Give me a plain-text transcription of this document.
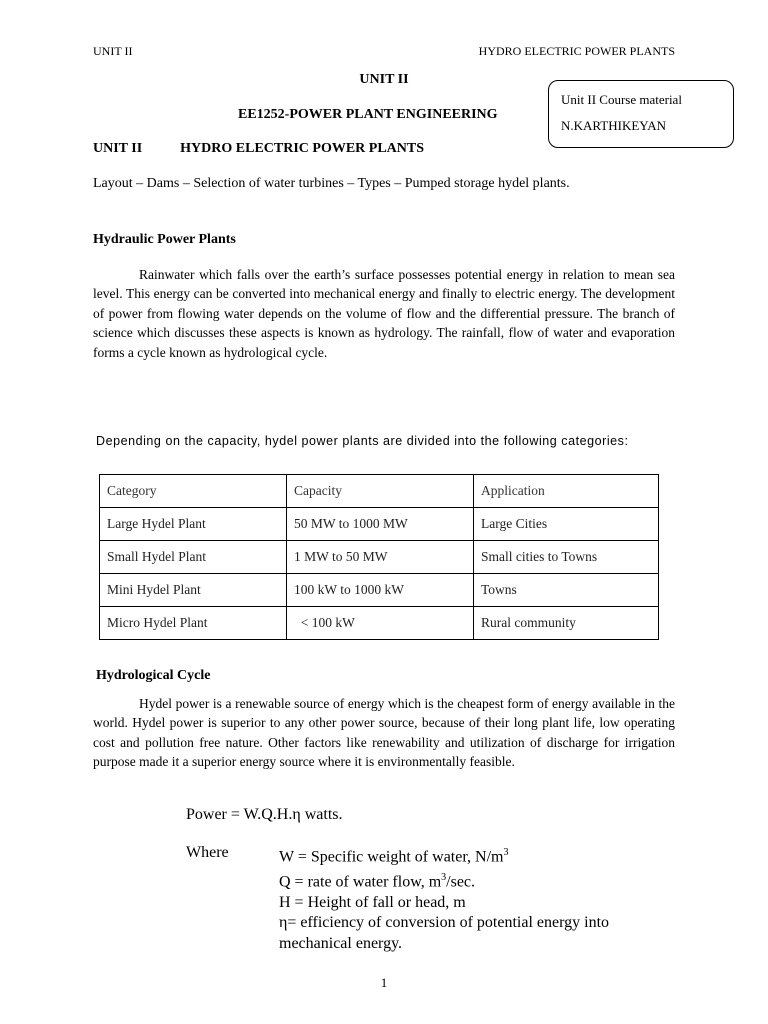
UNIT II	HYDRO ELECTRIC POWER PLANTS
UNIT II
EE1252-POWER PLANT ENGINEERING
Unit II Course material
N.KARTHIKEYAN
UNIT II	HYDRO ELECTRIC POWER PLANTS
Layout – Dams – Selection of water turbines – Types – Pumped storage hydel plants.
Hydraulic Power Plants
Rainwater which falls over the earth’s surface possesses potential energy in relation to mean sea level. This energy can be converted into mechanical energy and finally to electric energy. The development of power from flowing water depends on the volume of flow and the differential pressure. The branch of science which discusses these aspects is known as hydrology. The rainfall, flow of water and evaporation forms a cycle known as hydrological cycle.
Depending on the capacity, hydel power plants are divided into the following categories:
Category	Capacity	Application
Large Hydel Plant	50 MW to 1000 MW	Large Cities
Small Hydel Plant	1 MW to 50 MW	Small cities to Towns
Mini Hydel Plant	100 kW to 1000 kW	Towns
Micro Hydel Plant	< 100 kW	Rural community
Hydrological Cycle
Hydel power is a renewable source of energy which is the cheapest form of energy available in the world. Hydel power is superior to any other power source, because of their long plant life, low operating cost and pollution free nature. Other factors like renewability and utilization of discharge for irrigation purpose made it a superior energy source where it is environmentally feasible.
Power = W.Q.H.η watts.
Where	W = Specific weight of water, $N/m^3$
Q = rate of water flow, $m^3/\sec$.
H = Height of fall or head, m
η= efficiency of conversion of potential energy into
mechanical energy.
1
